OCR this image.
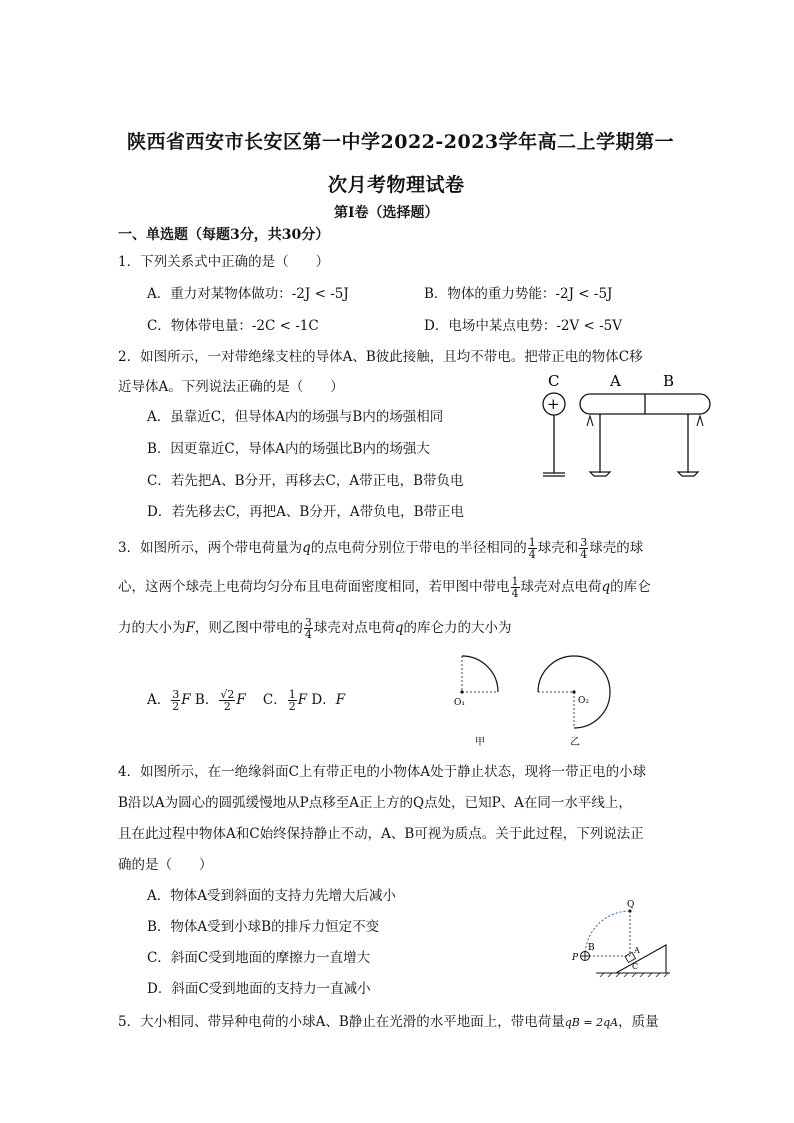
陕西省西安市长安区第一中学2022-2023学年高二上学期第一
次月考物理试卷
第Ⅰ卷（选择题）
一、单选题（每题3分，共30分）
1．下列关系式中正确的是（　　）
A．重力对某物体做功：-2J < -5J	B．物体的重力势能：-2J < -5J
C．物体带电量：-2C < -1C	D．电场中某点电势：-2V < -5V
2．如图所示，一对带绝缘支柱的导体A、B彼此接触，且均不带电。把带正电的物体C移
近导体A。下列说法正确的是（　　）
A．虽靠近C，但导体A内的场强与B内的场强相同
B．因更靠近C，导体A内的场强比B内的场强大
C．若先把A、B分开，再移去C，A带正电，B带负电
D．若先移去C，再把A、B分开，A带负电，B带正电
C	A	B
+
3．如图所示，两个带电荷量为q的点电荷分别位于带电的半径相同的 $\frac{1}{4}$ 球壳和 $\frac{3}{4}$ 球壳的球
心，这两个球壳上电荷均匀分布且电荷面密度相同，若甲图中带电 $\frac{1}{4}$ 球壳对点电荷q的库仑
力的大小为F，则乙图中带电的 $\frac{3}{4}$ 球壳对点电荷q的库仑力的大小为
A． $\frac{3}{2}$ F B． $\frac{√2}{2}$ F C． $\frac{1}{2}$ F D．F	O₁	O₂
甲	乙
4．如图所示，在一绝缘斜面C上有带正电的小物体A处于静止状态，现将一带正电的小球
B沿以A为圆心的圆弧缓慢地从P点移至A正上方的Q点处，已知P、A在同一水平线上，
且在此过程中物体A和C始终保持静止不动，A、B可视为质点。关于此过程，下列说法正
确的是（　　）
A．物体A受到斜面的支持力先增大后减小
B．物体A受到小球B的排斥力恒定不变
C．斜面C受到地面的摩擦力一直增大
D．斜面C受到地面的支持力一直减小
Q
P
B	A
C
5．大小相同、带异种电荷的小球A、B静止在光滑的水平地面上，带电荷量qB = 2qA，质量
